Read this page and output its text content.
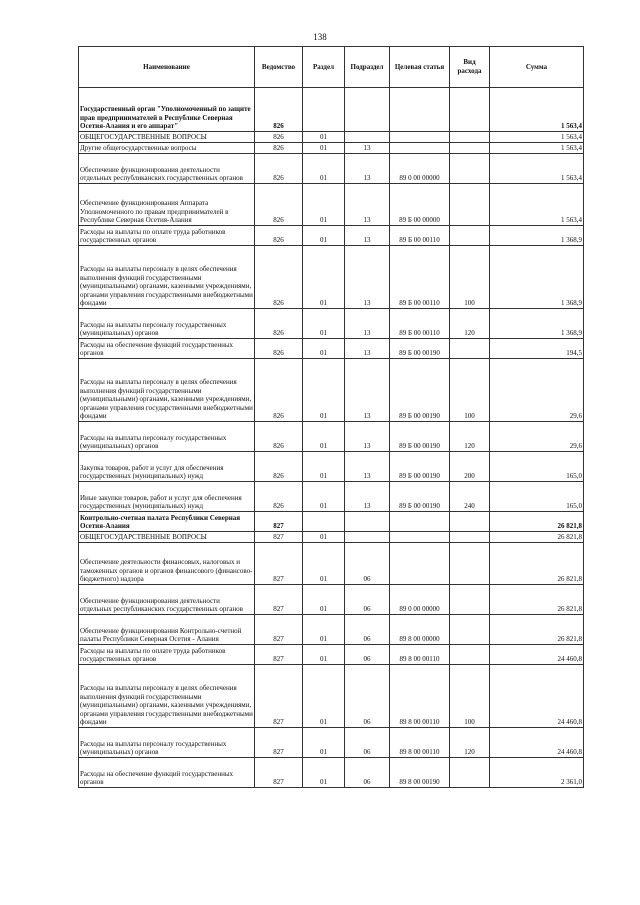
138
Наименование	Ведомство	Раздел	Подраздел	Целевая статья	Вид расхода	Сумма
Государственный орган "Уполномоченный по защите прав предпринимателей в Республике Северная Осетия-Алания и его аппарат"	826					1 563,4
ОБЩЕГОСУДАРСТВЕННЫЕ ВОПРОСЫ	826	01				1 563,4
Другие общегосударственные вопросы	826	01	13			1 563,4
Обеспечение функционирования деятельности отдельных республиканских государственных органов	826	01	13	89 0 00 00000		1 563,4
Обеспечение функционирования Аппарата Уполномоченного по правам предпринимателей в Республике Северная Осетия-Алания	826	01	13	89 Б 00 00000		1 563,4
Расходы на выплаты по оплате труда работников государственных органов	826	01	13	89 Б 00 00110		1 368,9
Расходы на выплаты персоналу в целях обеспечения выполнения функций государственными (муниципальными) органами, казенными учреждениями, органами управления государственными внебюджетными фондами	826	01	13	89 Б 00 00110	100	1 368,9
Расходы на выплаты персоналу государственных (муниципальных) органов	826	01	13	89 Б 00 00110	120	1 368,9
Расходы на обеспечение функций государственных органов	826	01	13	89 Б 00 00190		194,5
Расходы на выплаты персоналу в целях обеспечения выполнения функций государственными (муниципальными) органами, казенными учреждениями, органами управления государственными внебюджетными фондами	826	01	13	89 Б 00 00190	100	29,6
Расходы на выплаты персоналу государственных (муниципальных) органов	826	01	13	89 Б 00 00190	120	29,6
Закупка товаров, работ и услуг для обеспечения государственных (муниципальных) нужд	826	01	13	89 Б 00 00190	200	165,0
Иные закупки товаров, работ и услуг для обеспечения государственных (муниципальных) нужд	826	01	13	89 Б 00 00190	240	165,0
Контрольно-счетная палата Республики Северная Осетия-Алания	827					26 821,8
ОБЩЕГОСУДАРСТВЕННЫЕ ВОПРОСЫ	827	01				26 821,8
Обеспечение деятельности финансовых, налоговых и таможенных органов и органов финансового (финансово-бюджетного) надзора	827	01	06			26 821,8
Обеспечение функционирования деятельности отдельных республиканских государственных органов	827	01	06	89 0 00 00000		26 821,8
Обеспечение функционирования Контрольно-счетной палаты Республики Северная Осетия - Алания	827	01	06	89 8 00 00000		26 821,8
Расходы на выплаты по оплате труда работников государственных органов	827	01	06	89 8 00 00110		24 460,8
Расходы на выплаты персоналу в целях обеспечения выполнения функций государственными (муниципальными) органами, казенными учреждениями, органами управления государственными внебюджетными фондами	827	01	06	89 8 00 00110	100	24 460,8
Расходы на выплаты персоналу государственных (муниципальных) органов	827	01	06	89 8 00 00110	120	24 460,8
Расходы на обеспечение функций государственных органов	827	01	06	89 8 00 00190		2 361,0
